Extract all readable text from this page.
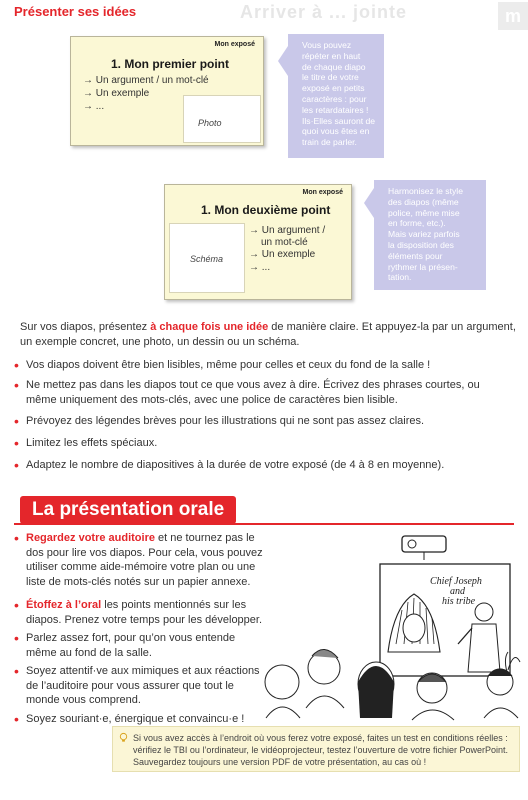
Présenter ses idées	Arriver à ... jointe	m
Mon exposé
1. Mon premier point
→ Un argument / un mot-clé
→ Un exemple
→ ...
Photo
Vous pouvez
répéter en haut
de chaque diapo
le titre de votre
exposé en petits
caractères : pour
les retardataires !
Ils·Elles sauront de
quoi vous êtes en
train de parler.
Mon exposé
1. Mon deuxième point
Schéma
→ Un argument /
un mot-clé
→ Un exemple
→ ...
Harmonisez le style
des diapos (même
police, même mise
en forme, etc.).
Mais variez parfois
la disposition des
éléments pour
rythmer la présen-
tation.
Sur vos diapos, présentez à chaque fois une idée de manière claire. Et appuyez-la par un argument, un exemple concret, une photo, un dessin ou un schéma.
• Vos diapos doivent être bien lisibles, même pour celles et ceux du fond de la salle !
• Ne mettez pas dans les diapos tout ce que vous avez à dire. Écrivez des phrases courtes, ou même uniquement des mots-clés, avec une police de caractères bien lisible.
• Prévoyez des légendes brèves pour les illustrations qui ne sont pas assez claires.
• Limitez les effets spéciaux.
• Adaptez le nombre de diapositives à la durée de votre exposé (de 4 à 8 en moyenne).
La présentation orale
• Regardez votre auditoire et ne tournez pas le dos pour lire vos diapos. Pour cela, vous pouvez utiliser comme aide-mémoire votre plan ou une liste de mots-clés notés sur un papier annexe.
• Étoffez à l’oral les points mentionnés sur les diapos. Prenez votre temps pour les développer.
• Parlez assez fort, pour qu’on vous entende même au fond de la salle.
• Soyez attentif·ve aux mimiques et aux réactions de l’auditoire pour vous assurer que tout le monde vous comprend.
• Soyez souriant·e, énergique et convaincu·e !
Chief Joseph and his tribe
Si vous avez accès à l’endroit où vous ferez votre exposé, faites un test en conditions réelles : vérifiez le TBI ou l’ordinateur, le vidéoprojecteur, testez l’ouverture de votre fichier PowerPoint. Sauvegardez toujours une version PDF de votre présentation, au cas où !
